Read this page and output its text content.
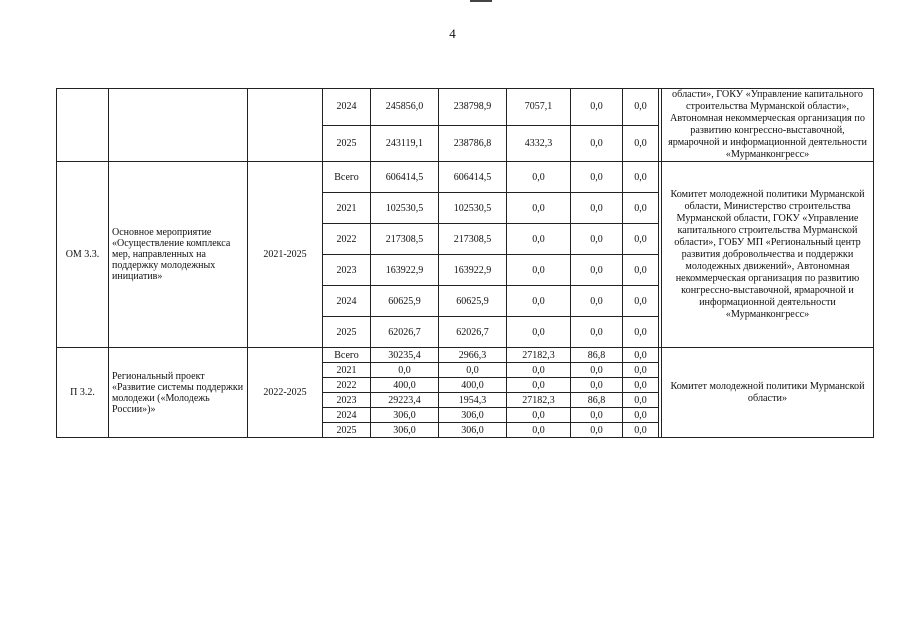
4
			2024	245856,0	238798,9	7057,1	0,0	0,0		области», ГОКУ «Управление капитального строительства Мурманской области», Автономная некоммерческая организация по развитию конгрессно-выставочной, ярмарочной и информационной деятельности «Мурманконгресс»
			2025	243119,1	238786,8	4332,3	0,0	0,0		
ОМ 3.3.	Основное мероприятие «Осуществление комплекса мер, направленных на поддержку молодежных инициатив»	2021-2025	Всего	606414,5	606414,5	0,0	0,0	0,0		Комитет молодежной политики Мурманской области, Министерство строительства Мурманской области, ГОКУ «Управление капитального строительства Мурманской области», ГОБУ МП «Региональный центр развития добровольчества и поддержки молодежных движений», Автономная некоммерческая организация по развитию конгрессно-выставочной, ярмарочной и информационной деятельности «Мурманконгресс»
			2021	102530,5	102530,5	0,0	0,0	0,0		
			2022	217308,5	217308,5	0,0	0,0	0,0		
			2023	163922,9	163922,9	0,0	0,0	0,0		
			2024	60625,9	60625,9	0,0	0,0	0,0		
			2025	62026,7	62026,7	0,0	0,0	0,0		
П 3.2.	Региональный проект «Развитие системы поддержки молодежи («Молодежь России»)»	2022-2025	Всего	30235,4	2966,3	27182,3	86,8	0,0		Комитет молодежной политики Мурманской области»
			2021	0,0	0,0	0,0	0,0	0,0		
			2022	400,0	400,0	0,0	0,0	0,0		
			2023	29223,4	1954,3	27182,3	86,8	0,0		
			2024	306,0	306,0	0,0	0,0	0,0		
			2025	306,0	306,0	0,0	0,0	0,0		
